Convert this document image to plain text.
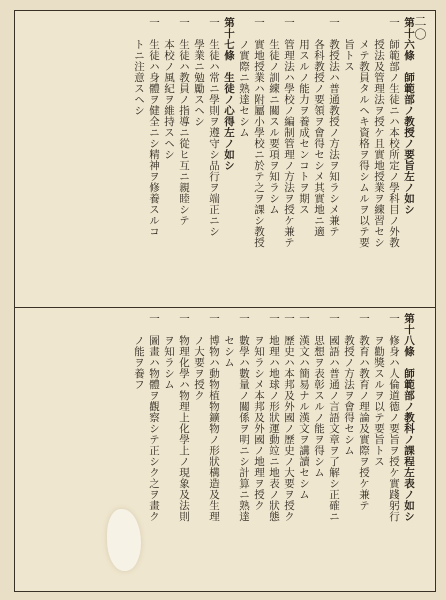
二〇
第十六條　師範部ノ教授ノ要旨左ノ如シ
一　師範部ノ生徒ニハ本校所定ノ學科目ノ外教
　　授法及管理法ヲ授ケ且實地授業ヲ練習セシ
　　メテ教員タルヘキ資格ヲ得シムルヲ以テ要
　　旨トス
一　教授法ハ普通教授ノ方法ヲ知ラシメ兼テ
　　各科教授ノ要領ヲ會得セシメ其實地ニ適
　　用スルノ能力ヲ養成センコトヲ期ス
一　管理法ハ學校ノ編制管理ノ方法ヲ授ケ兼テ
　　生徒ノ訓練ニ關スル要項ヲ知ラシム
一　實地授業ハ附屬小學校ニ於テ之ヲ課シ教授
　　ノ實際ニ熟達セシム
第十七條　生徒ノ心得左ノ如シ
一　生徒ハ常ニ學則ヲ遵守シ品行ヲ端正ニシ
　　學業ニ勉勵スヘシ
一　生徒ハ教員ノ指導ニ從ヒ互ニ親睦シテ
　　本校ノ風紀ヲ維持スヘシ
一　生徒ハ身體ヲ健全ニシ精神ヲ修養スルコ
　　トニ注意スヘシ
第十八條　師範部ノ教科ノ課程左表ノ如シ
一　修身ハ人倫道德ノ要旨ヲ授ケ實踐躬行
　　ヲ勸獎スルヲ以テ要旨トス
一　教育ハ教育ノ理論及實際ヲ授ケ兼テ
　　教授ノ方法ヲ會得セシム
一　國語ハ普通ノ言語文章ヲ了解シ正確ニ
　　思想ヲ表彰スルノ能ヲ得シム
一　漢文ハ簡易ナル漢文ヲ講讀セシム
一　歷史ハ本邦及外國ノ歷史ノ大要ヲ授ク
一　地理ハ地球ノ形狀運動竝ニ地表ノ狀態
　　ヲ知ラシメ本邦及外國ノ地理ヲ授ク
一　數學ハ數量ノ關係ヲ明ニシ計算ニ熟達
　　セシム
一　博物ハ動物植物鑛物ノ形狀構造及生理
　　ノ大要ヲ授ク
一　物理化學ハ物理上化學上ノ現象及法則
　　ヲ知ラシム
一　圖畫ハ物體ヲ觀察シテ正シク之ヲ畫ク
　　ノ能ヲ養フ
